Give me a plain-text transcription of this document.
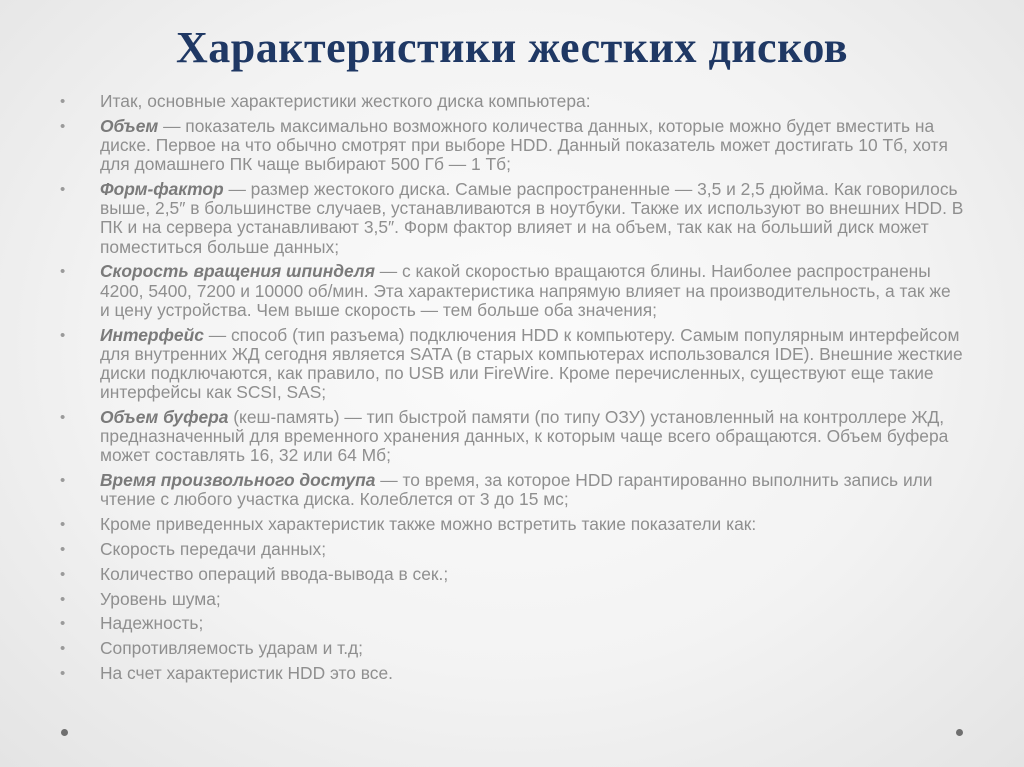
Характеристики жестких дисков
• Итак, основные характеристики жесткого диска компьютера:
• Объем — показатель максимально возможного количества данных, которые можно будет вместить на диске. Первое на что обычно смотрят при выборе HDD. Данный показатель может достигать 10 Тб, хотя для домашнего ПК чаще выбирают 500 Гб — 1 Тб;
• Форм-фактор — размер жестокого диска. Самые распространенные — 3,5 и 2,5 дюйма. Как говорилось выше, 2,5″ в большинстве случаев, устанавливаются в ноутбуки. Также их используют во внешних HDD. В ПК и на сервера устанавливают 3,5″. Форм фактор влияет и на объем, так как на больший диск может поместиться больше данных;
• Скорость вращения шпинделя — с какой скоростью вращаются блины. Наиболее распространены 4200, 5400, 7200 и 10000 об/мин. Эта характеристика напрямую влияет на производительность, а так же и цену устройства. Чем выше скорость — тем больше оба значения;
• Интерфейс — способ (тип разъема) подключения HDD к компьютеру. Самым популярным интерфейсом для внутренних ЖД сегодня является SATA (в старых компьютерах использовался IDE). Внешние жесткие диски подключаются, как правило, по USB или FireWire. Кроме перечисленных, существуют еще такие интерфейсы как SCSI, SAS;
• Объем буфера (кеш-память) — тип быстрой памяти (по типу ОЗУ) установленный на контроллере ЖД, предназначенный для временного хранения данных, к которым чаще всего обращаются. Объем буфера может составлять 16, 32 или 64 Мб;
• Время произвольного доступа — то время, за которое HDD гарантированно выполнить запись или чтение с любого участка диска. Колеблется от 3 до 15 мс;
• Кроме приведенных характеристик также можно встретить такие показатели как:
• Скорость передачи данных;
• Количество операций ввода-вывода в сек.;
• Уровень шума;
• Надежность;
• Сопротивляемость ударам и т.д;
• На счет характеристик HDD это все.
